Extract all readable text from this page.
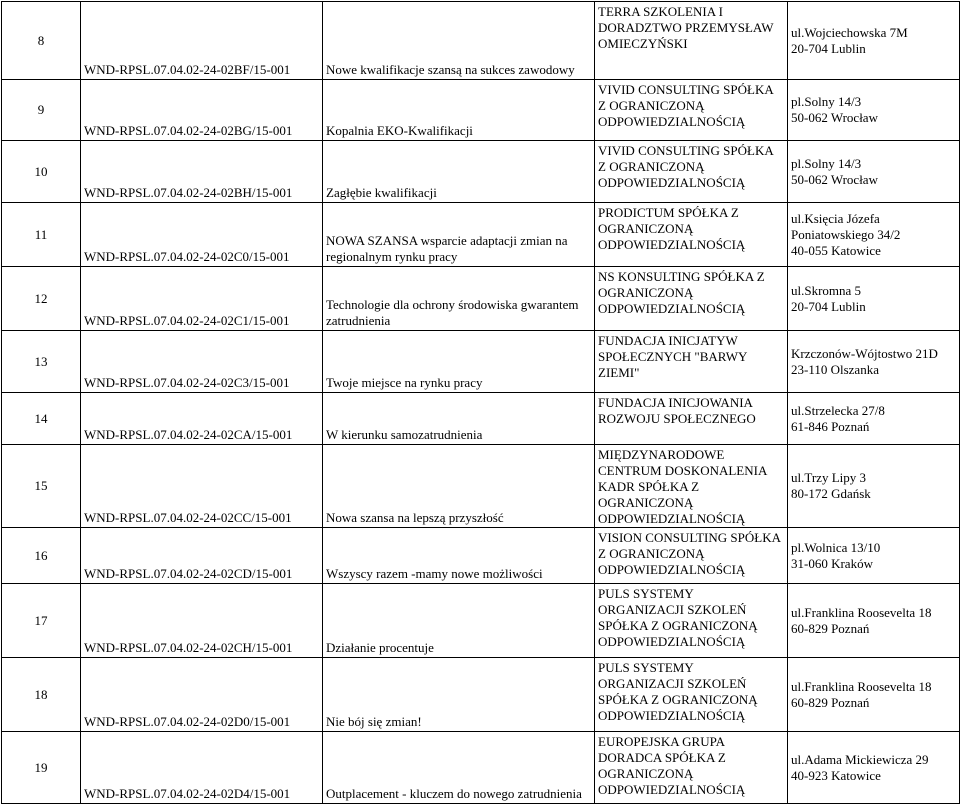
8	WND-RPSL.07.04.02-24-02BF/15-001	Nowe kwalifikacje szansą na sukces zawodowy	TERRA SZKOLENIA I
DORADZTWO PRZEMYSŁAW
OMIECZYŃSKI	ul.Wojciechowska 7M
20-704 Lublin

9	WND-RPSL.07.04.02-24-02BG/15-001	Kopalnia EKO-Kwalifikacji	VIVID CONSULTING SPÓŁKA
Z OGRANICZONĄ
ODPOWIEDZIALNOŚCIĄ	pl.Solny 14/3
50-062 Wrocław

10	WND-RPSL.07.04.02-24-02BH/15-001	Zagłębie kwalifikacji	VIVID CONSULTING SPÓŁKA
Z OGRANICZONĄ
ODPOWIEDZIALNOŚCIĄ	pl.Solny 14/3
50-062 Wrocław

11	WND-RPSL.07.04.02-24-02C0/15-001	NOWA SZANSA wsparcie adaptacji zmian na
regionalnym rynku pracy	PRODICTUM SPÓŁKA Z
OGRANICZONĄ
ODPOWIEDZIALNOŚCIĄ	ul.Księcia Józefa
Poniatowskiego 34/2
40-055 Katowice

12	WND-RPSL.07.04.02-24-02C1/15-001	Technologie dla ochrony środowiska gwarantem
zatrudnienia	NS KONSULTING SPÓŁKA Z
OGRANICZONĄ
ODPOWIEDZIALNOŚCIĄ	ul.Skromna 5
20-704 Lublin

13	WND-RPSL.07.04.02-24-02C3/15-001	Twoje miejsce na rynku pracy	FUNDACJA INICJATYW
SPOŁECZNYCH "BARWY
ZIEMI"	Krzczonów-Wójtostwo 21D
23-110 Olszanka

14	WND-RPSL.07.04.02-24-02CA/15-001	W kierunku samozatrudnienia	FUNDACJA INICJOWANIA
ROZWOJU SPOŁECZNEGO	ul.Strzelecka 27/8
61-846 Poznań

15	WND-RPSL.07.04.02-24-02CC/15-001	Nowa szansa na lepszą przyszłość	MIĘDZYNARODOWE
CENTRUM DOSKONALENIA
KADR SPÓŁKA Z
OGRANICZONĄ
ODPOWIEDZIALNOŚCIĄ	ul.Trzy Lipy 3
80-172 Gdańsk

16	WND-RPSL.07.04.02-24-02CD/15-001	Wszyscy razem -mamy nowe możliwości	VISION CONSULTING SPÓŁKA
Z OGRANICZONĄ
ODPOWIEDZIALNOŚCIĄ	pl.Wolnica 13/10
31-060 Kraków

17	WND-RPSL.07.04.02-24-02CH/15-001	Działanie procentuje	PULS SYSTEMY
ORGANIZACJI SZKOLEŃ
SPÓŁKA Z OGRANICZONĄ
ODPOWIEDZIALNOŚCIĄ	ul.Franklina Roosevelta 18
60-829 Poznań

18	WND-RPSL.07.04.02-24-02D0/15-001	Nie bój się zmian!	PULS SYSTEMY
ORGANIZACJI SZKOLEŃ
SPÓŁKA Z OGRANICZONĄ
ODPOWIEDZIALNOŚCIĄ	ul.Franklina Roosevelta 18
60-829 Poznań

19	WND-RPSL.07.04.02-24-02D4/15-001	Outplacement - kluczem do nowego zatrudnienia	EUROPEJSKA GRUPA
DORADCA SPÓŁKA Z
OGRANICZONĄ
ODPOWIEDZIALNOŚCIĄ	ul.Adama Mickiewicza 29
40-923 Katowice
